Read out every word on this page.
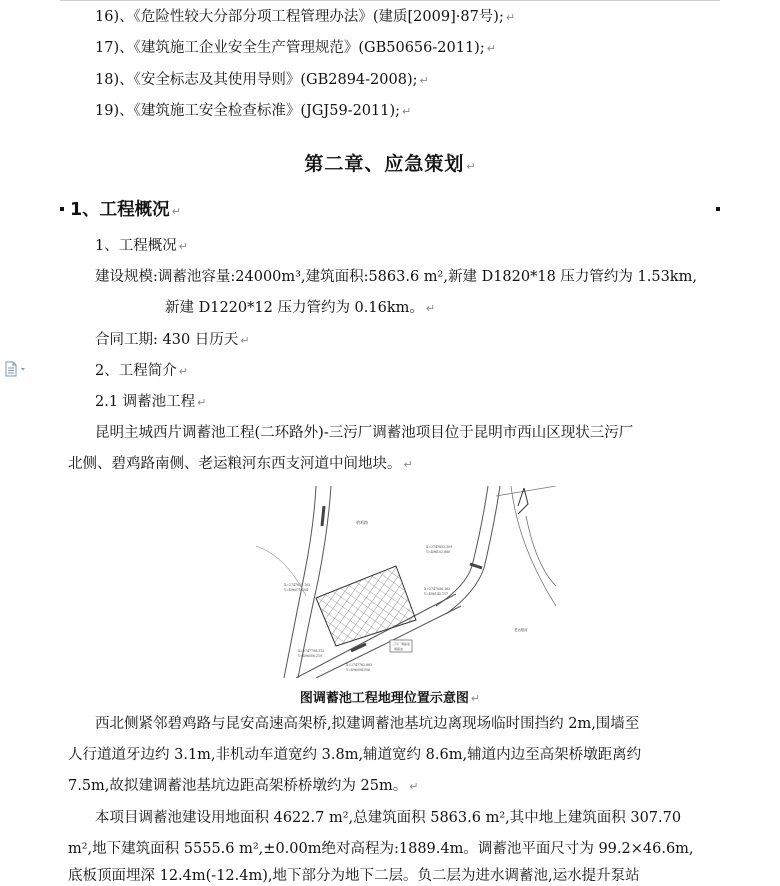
16)、《危险性较大分部分项工程管理办法》(建质[2009]·87号); ↵
17)、《建筑施工企业安全生产管理规范》(GB50656-2011); ↵
18)、《安全标志及其使用导则》(GB2894-2008); ↵
19)、《建筑施工安全检查标准》(JGJ59-2011); ↵
第二章、应急策划 ↵
1、工程概况 ↵
1、工程概况 ↵
建设规模:调蓄池容量:24000m³,建筑面积:5863.6 m²,新建 D1820*18 压力管约为 1.53km,
新建 D1220*12 压力管约为 0.16km。 ↵
合同工期: 430 日历天 ↵
2、工程简介 ↵
2.1 调蓄池工程 ↵
昆明主城西片调蓄池工程(二环路外)-三污厂调蓄池项目位于昆明市西山区现状三污厂
北侧、碧鸡路南侧、老运粮河东西支河道中间地块。 ↵
碧鸡路
X=2747893.509
Y=496102.880
X=2747856.163
Y=496145.117
X=2747822.105
Y=496071.204
X=2747798.315
Y=496058.219
X=2747762.883
Y=496094.506
三污厂调蓄池
调蓄池
老运粮河
图调蓄池工程地理位置示意图 ↵
西北侧紧邻碧鸡路与昆安高速高架桥,拟建调蓄池基坑边离现场临时围挡约 2m,围墙至
人行道道牙边约 3.1m,非机动车道宽约 3.8m,辅道宽约 8.6m,辅道内边至高架桥墩距离约
7.5m,故拟建调蓄池基坑边距高架桥桥墩约为 25m。 ↵
本项目调蓄池建设用地面积 4622.7 m²,总建筑面积 5863.6 m²,其中地上建筑面积 307.70
m²,地下建筑面积 5555.6 m²,±0.00m绝对高程为:1889.4m。调蓄池平面尺寸为 99.2×46.6m,
底板顶面埋深 12.4m(-12.4m),地下部分为地下二层。负二层为进水调蓄池,运水提升泵站
